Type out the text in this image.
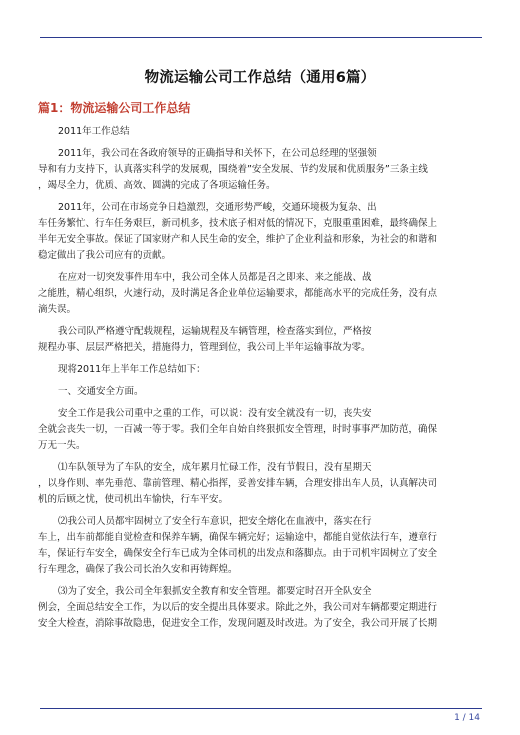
物流运输公司工作总结（通用6篇）
篇1：物流运输公司工作总结
2011年工作总结
2011年，我公司在各政府领导的正确指导和关怀下，在公司总经理的坚强领
导和有力支持下，认真落实科学的发展观，围绕着”安全发展、节约发展和优质服务”三条主线
，竭尽全力，优质、高效、圆满的完成了各项运输任务。
2011年，公司在市场竞争日趋激烈，交通形势严峻，交通环境极为复杂、出
车任务繁忙、行车任务艰巨，新司机多，技术底子相对低的情况下，克服重重困难，最终确保上
半年无安全事故。保证了国家财产和人民生命的安全，维护了企业利益和形象，为社会的和谐和
稳定做出了我公司应有的贡献。
在应对一切突发事件用车中，我公司全体人员都是召之即来、来之能战、战
之能胜，精心组织，火速行动，及时满足各企业单位运输要求，都能高水平的完成任务，没有点
滴失误。
我公司队严格遵守配载规程，运输规程及车辆管理，检查落实到位，严格按
规程办事、层层严格把关，措施得力，管理到位，我公司上半年运输事故为零。
现将2011年上半年工作总结如下：
一、交通安全方面。
安全工作是我公司重中之重的工作，可以说：没有安全就没有一切，丧失安
全就会丧失一切，一百减一等于零。我们全年自始自终狠抓安全管理，时时事事严加防范，确保
万无一失。
⑴车队领导为了车队的安全，成年累月忙碌工作，没有节假日，没有星期天
，以身作则、率先垂范、靠前管理、精心指挥，妥善安排车辆，合理安排出车人员，认真解决司
机的后顾之忧，使司机出车愉快，行车平安。
⑵我公司人员都牢固树立了安全行车意识，把安全熔化在血液中，落实在行
车上，出车前都能自觉检查和保养车辆，确保车辆完好；运输途中，都能自觉依法行车，遵章行
车，保证行车安全，确保安全行车已成为全体司机的出发点和落脚点。由于司机牢固树立了安全
行车理念，确保了我公司长治久安和再铸辉煌。
⑶为了安全，我公司全年狠抓安全教育和安全管理。都要定时召开全队安全
例会，全面总结安全工作，为以后的安全提出具体要求。除此之外，我公司对车辆都要定期进行
安全大检查，消除事故隐患，促进安全工作，发现问题及时改进。为了安全，我公司开展了长期
1 / 14
